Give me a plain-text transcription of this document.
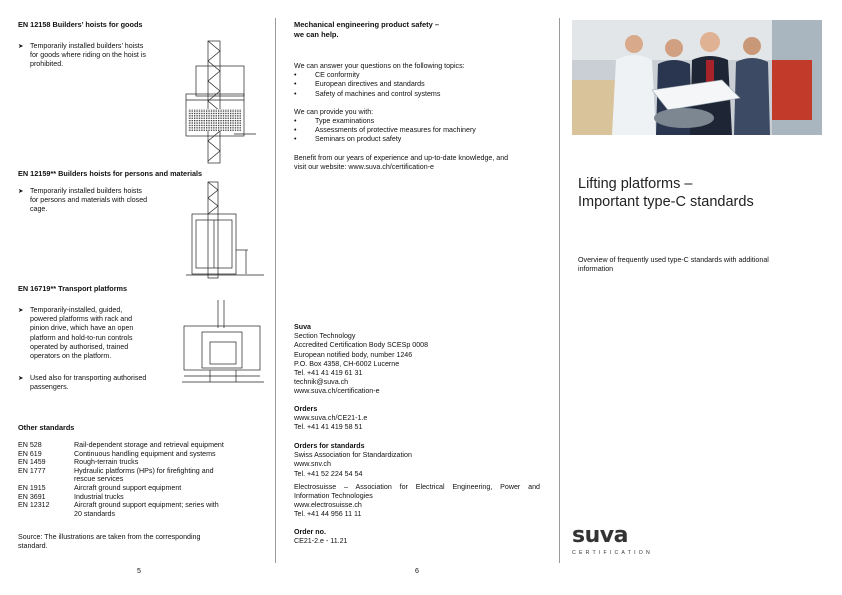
EN 12158 Builders’ hoists for goods
➤ Temporarily installed builders’ hoists
for goods where riding on the hoist is
prohibited.
EN 12159** Builders hoists for persons and materials
➤ Temporarily installed builders hoists
for persons and materials with closed
cage.
EN 16719** Transport platforms
➤ Temporarily-installed, guided,
powered platforms with rack and
pinion drive, which have an open
platform and hold-to-run controls
operated by authorised, trained
operators on the platform.
➤ Used also for transporting authorised
passengers.
Other standards
EN 528	Rail-dependent storage and retrieval equipment
EN 619	Continuous handling equipment and systems
EN 1459	Rough-terrain trucks
EN 1777	Hydraulic platforms (HPs) for firefighting and
rescue services
EN 1915	Aircraft ground support equipment
EN 3691	Industrial trucks
EN 12312	Aircraft ground support equipment; series with
20 standards
Source: The illustrations are taken from the corresponding
standard.
5
Mechanical engineering product safety –
we can help.
We can answer your questions on the following topics:
• CE conformity
• European directives and standards
• Safety of machines and control systems
We can provide you with:
• Type examinations
• Assessments of protective measures for machinery
• Seminars on product safety
Benefit from our years of experience and up-to-date knowledge, and
visit our website: www.suva.ch/certification-e
Suva
Section Technology
Accredited Certification Body SCESp 0008
European notified body, number 1246
P.O. Box 4358, CH-6002 Lucerne
Tel. +41 41 419 61 31
technik@suva.ch
www.suva.ch/certification-e
Orders
www.suva.ch/CE21-1.e
Tel. +41 41 419 58 51
Orders for standards
Swiss Association for Standardization
www.snv.ch
Tel. +41 52 224 54 54
Electrosuisse – Association for Electrical Engineering, Power and
Information Technologies
www.electrosuisse.ch
Tel. +41 44 956 11 11
Order no.
CE21-2.e - 11.21
6
Lifting platforms –
Important type-C standards
Overview of frequently used type-C standards with additional
information
suva
CERTIFICATION
